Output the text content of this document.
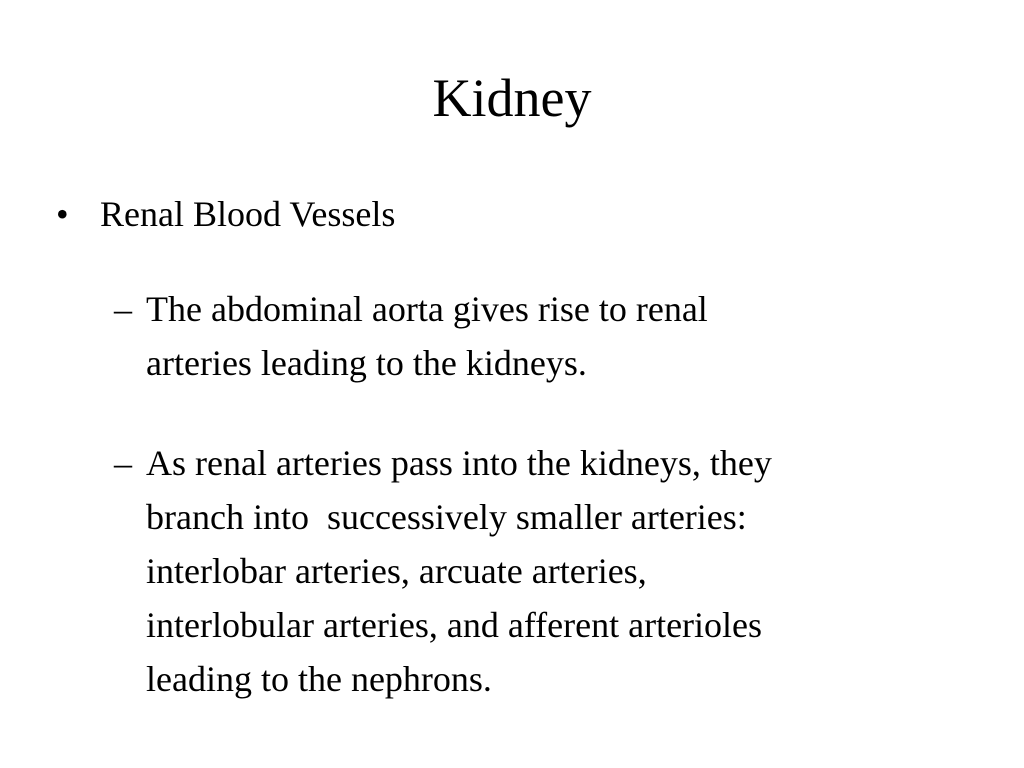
Kidney
• Renal Blood Vessels
– The abdominal aorta gives rise to renal
arteries leading to the kidneys.
– As renal arteries pass into the kidneys, they
branch into  successively smaller arteries:
interlobar arteries, arcuate arteries,
interlobular arteries, and afferent arterioles
leading to the nephrons.
